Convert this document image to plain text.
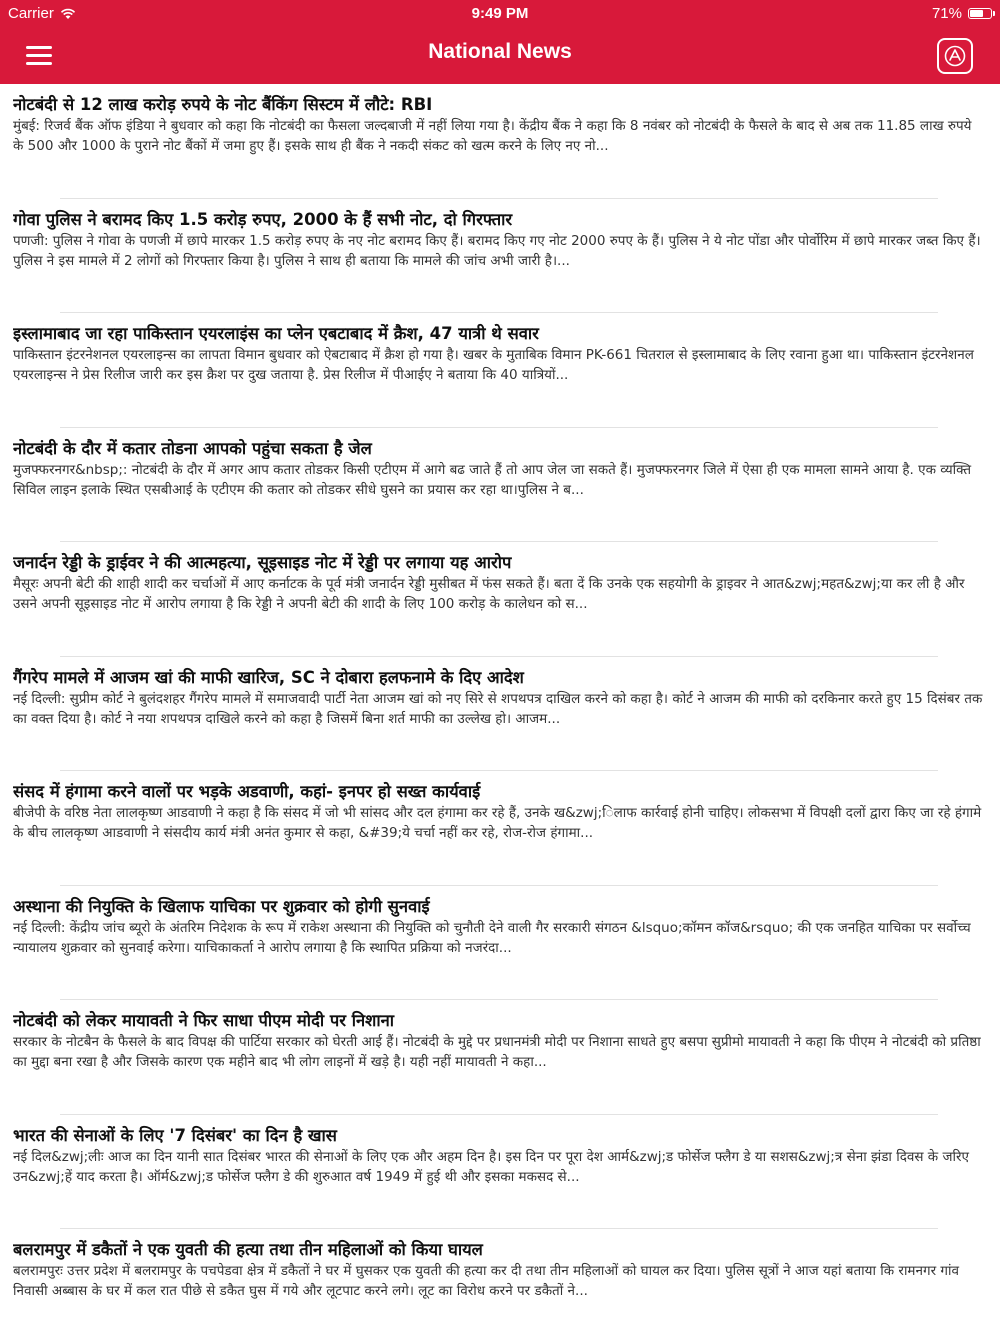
Carrier	9:49 PM	71%
National News
नोटबंदी से 12 लाख करोड़ रुपये के नोट बैंकिंग सिस्टम में लौटे: RBI
मुंबई: रिजर्व बैंक ऑफ इंडिया ने बुधवार को कहा कि नोटबंदी का फैसला जल्दबाजी में नहीं लिया गया है। केंद्रीय बैंक ने कहा कि 8 नवंबर को नोटबंदी के फैसले के बाद से अब तक 11.85 लाख रुपये के 500 और 1000 के पुराने नोट बैंकों में जमा हुए हैं। इसके साथ ही बैंक ने नकदी संकट को खत्म करने के लिए नए नो...
गोवा पुलिस ने बरामद किए 1.5 करोड़ रुपए, 2000 के हैं सभी नोट, दो गिरफ्तार
पणजी: पुलिस ने गोवा के पणजी में छापे मारकर 1.5 करोड़ रुपए के नए नोट बरामद किए हैं। बरामद किए गए नोट 2000 रुपए के हैं। पुलिस ने ये नोट पोंडा और पोर्वोरिम में छापे मारकर जब्त किए हैं। पुलिस ने इस मामले में 2 लोगों को गिरफ्तार किया है। पुलिस ने साथ ही बताया कि मामले की जांच अभी जारी है।...
इस्लामाबाद जा रहा पाकिस्तान एयरलाइंस का प्लेन एबटाबाद में क्रैश, 47 यात्री थे सवार
पाकिस्तान इंटरनेशनल एयरलाइन्स का लापता विमान बुधवार को ऐबटाबाद में क्रैश हो गया है। खबर के मुताबिक विमान PK-661 चितराल से इस्लामाबाद के लिए रवाना हुआ था। पाकिस्तान इंटरनेशनल एयरलाइन्स ने प्रेस रिलीज जारी कर इस क्रैश पर दुख जताया है. प्रेस रिलीज में पीआईए ने बताया कि 40 यात्रियों...
नोटबंदी के दौर में कतार तोडना आपको पहुंचा सकता है जेल
मुजफ्फरनगर&nbsp;: नोटबंदी के दौर में अगर आप कतार तोडकर किसी एटीएम में आगे बढ जाते हैं तो आप जेल जा सकते हैं। मुजफ्फरनगर जिले में ऐसा ही एक मामला सामने आया है. एक व्यक्ति सिविल लाइन इलाके स्थित एसबीआई के एटीएम की कतार को तोडकर सीधे घुसने का प्रयास कर रहा था।पुलिस ने ब...
जनार्दन रेड्डी के ड्राईवर ने की आत्महत्या, सूइसाइड नोट में रेड्डी पर लगाया यह आरोप
मैसूरः अपनी बेटी की शाही शादी कर चर्चाओं में आए कर्नाटक के पूर्व मंत्री जनार्दन रेड्डी मुसीबत में फंस सकते हैं। बता दें कि उनके एक सहयोगी के ड्राइवर ने आत&zwj;महत&zwj;या कर ली है और उसने अपनी सूइसाइड नोट में आरोप लगाया है कि रेड्डी ने अपनी बेटी की शादी के लिए 100 करोड़ के कालेधन को स...
गैंगरेप मामले में आजम खां की माफी खारिज, SC ने दोबारा हलफनामे के दिए आदेश
नई दिल्ली: सुप्रीम कोर्ट ने बुलंदशहर गैंगरेप मामले में समाजवादी पार्टी नेता आजम खां को नए सिरे से शपथपत्र दाखिल करने को कहा है। कोर्ट ने आजम की माफी को दरकिनार करते हुए 15 दिसंबर तक का वक्त दिया है। कोर्ट ने नया शपथपत्र दाखिले करने को कहा है जिसमें बिना शर्त माफी का उल्लेख हो। आजम...
संसद में हंगामा करने वालों पर भड़के अडवाणी, कहां- इनपर हो सख्त कार्यवाई
बीजेपी के वरिष्ठ नेता लालकृष्ण आडवाणी ने कहा है कि संसद में जो भी सांसद और दल हंगामा कर रहे हैं, उनके ख&zwj;ि‍लाफ कार्रवाई होनी चाहिए। लोकसभा में विपक्षी दलों द्वारा किए जा रहे हंगामे के बीच लालकृष्ण आडवाणी ने संसदीय कार्य मंत्री अनंत कुमार से कहा, &#39;ये चर्चा नहीं कर रहे, रोज-रोज हंगामा...
अस्थाना की नियुक्ति के खिलाफ याचिका पर शुक्रवार को होगी सुनवाई
नई दिल्ली: केंद्रीय जांच ब्यूरो के अंतरिम निदेशक के रूप में राकेश अस्थाना की नियुक्ति को चुनौती देने वाली गैर सरकारी संगठन &lsquo;कॉमन कॉज&rsquo; की एक जनहित याचिका पर सर्वोच्च न्यायालय शुक्रवार को सुनवाई करेगा। याचिकाकर्ता ने आरोप लगाया है कि स्थापित प्रक्रिया को नजरंदा...
नोटबंदी को लेकर मायावती ने फिर साधा पीएम मोदी पर निशाना
सरकार के नोटबैन के फैसले के बाद विपक्ष की पार्टिया सरकार को घेरती आई हैं। नोटबंदी के मुद्दे पर प्रधानमंत्री मोदी पर निशाना साधते हुए बसपा सुप्रीमो मायावती ने कहा कि पीएम ने नोटबंदी को प्रतिष्ठा का मुद्दा बना रखा है और जिसके कारण एक महीने बाद भी लोग लाइनों में खड़े है। यही नहीं मायावती ने कहा...
भारत की सेनाओं के लिए '7 दिसंबर' का दिन है खास
नई दिल&zwj;लीः आज का दिन यानी सात दिसंबर भारत की सेनाओं के लिए एक और अहम दिन है। इस दिन पर पूरा देश आर्म&zwj;ड फोर्सेज फ्लैग डे या सशस&zwj;त्र सेना झंडा दिवस के जरिए उन&zwj;हें याद करता है। ऑर्म&zwj;ड फोर्सेज फ्लैग डे की शुरुआत वर्ष 1949 में हुई थी और इसका मकसद से...
बलरामपुर में डकैतों ने एक युवती की हत्या तथा तीन महिलाओं को किया घायल
बलरामपुरः उत्तर प्रदेश में बलरामपुर के पचपेडवा क्षेत्र में डकैतों ने घर में घुसकर एक युवती की हत्या कर दी तथा तीन महिलाओं को घायल कर दिया। पुलिस सूत्रों ने आज यहां बताया कि रामनगर गांव निवासी अब्बास के घर में कल रात पीछे से डकैत घुस में गये और लूटपाट करने लगे। लूट का विरोध करने पर डकैतों ने...
